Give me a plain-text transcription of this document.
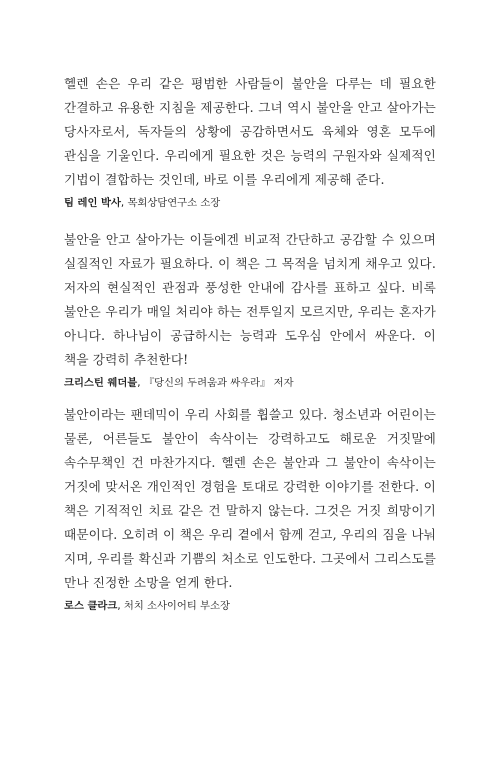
헬렌 손은 우리 같은 평범한 사람들이 불안을 다루는 데 필요한 간결하고 유용한 지침을 제공한다. 그녀 역시 불안을 안고 살아가는 당사자로서, 독자들의 상황에 공감하면서도 육체와 영혼 모두에 관심을 기울인다. 우리에게 필요한 것은 능력의 구원자와 실제적인 기법이 결합하는 것인데, 바로 이를 우리에게 제공해 준다.

팀 레인 박사, 목회상담연구소 소장

불안을 안고 살아가는 이들에겐 비교적 간단하고 공감할 수 있으며 실질적인 자료가 필요하다. 이 책은 그 목적을 넘치게 채우고 있다. 저자의 현실적인 관점과 풍성한 안내에 감사를 표하고 싶다. 비록 불안은 우리가 매일 처리야 하는 전투일지 모르지만, 우리는 혼자가 아니다. 하나님이 공급하시는 능력과 도우심 안에서 싸운다. 이 책을 강력히 추천한다!

크리스틴 웨더블, 『당신의 두려움과 싸우라』 저자

불안이라는 팬데믹이 우리 사회를 휩쓸고 있다. 청소년과 어린이는 물론, 어른들도 불안이 속삭이는 강력하고도 해로운 거짓말에 속수무책인 건 마찬가지다. 헬렌 손은 불안과 그 불안이 속삭이는 거짓에 맞서온 개인적인 경험을 토대로 강력한 이야기를 전한다. 이 책은 기적적인 치료 같은 건 말하지 않는다. 그것은 거짓 희망이기 때문이다. 오히려 이 책은 우리 곁에서 함께 걷고, 우리의 짐을 나눠 지며, 우리를 확신과 기쁨의 처소로 인도한다. 그곳에서 그리스도를 만나 진정한 소망을 얻게 한다.

로스 클라크, 처치 소사이어티 부소장
